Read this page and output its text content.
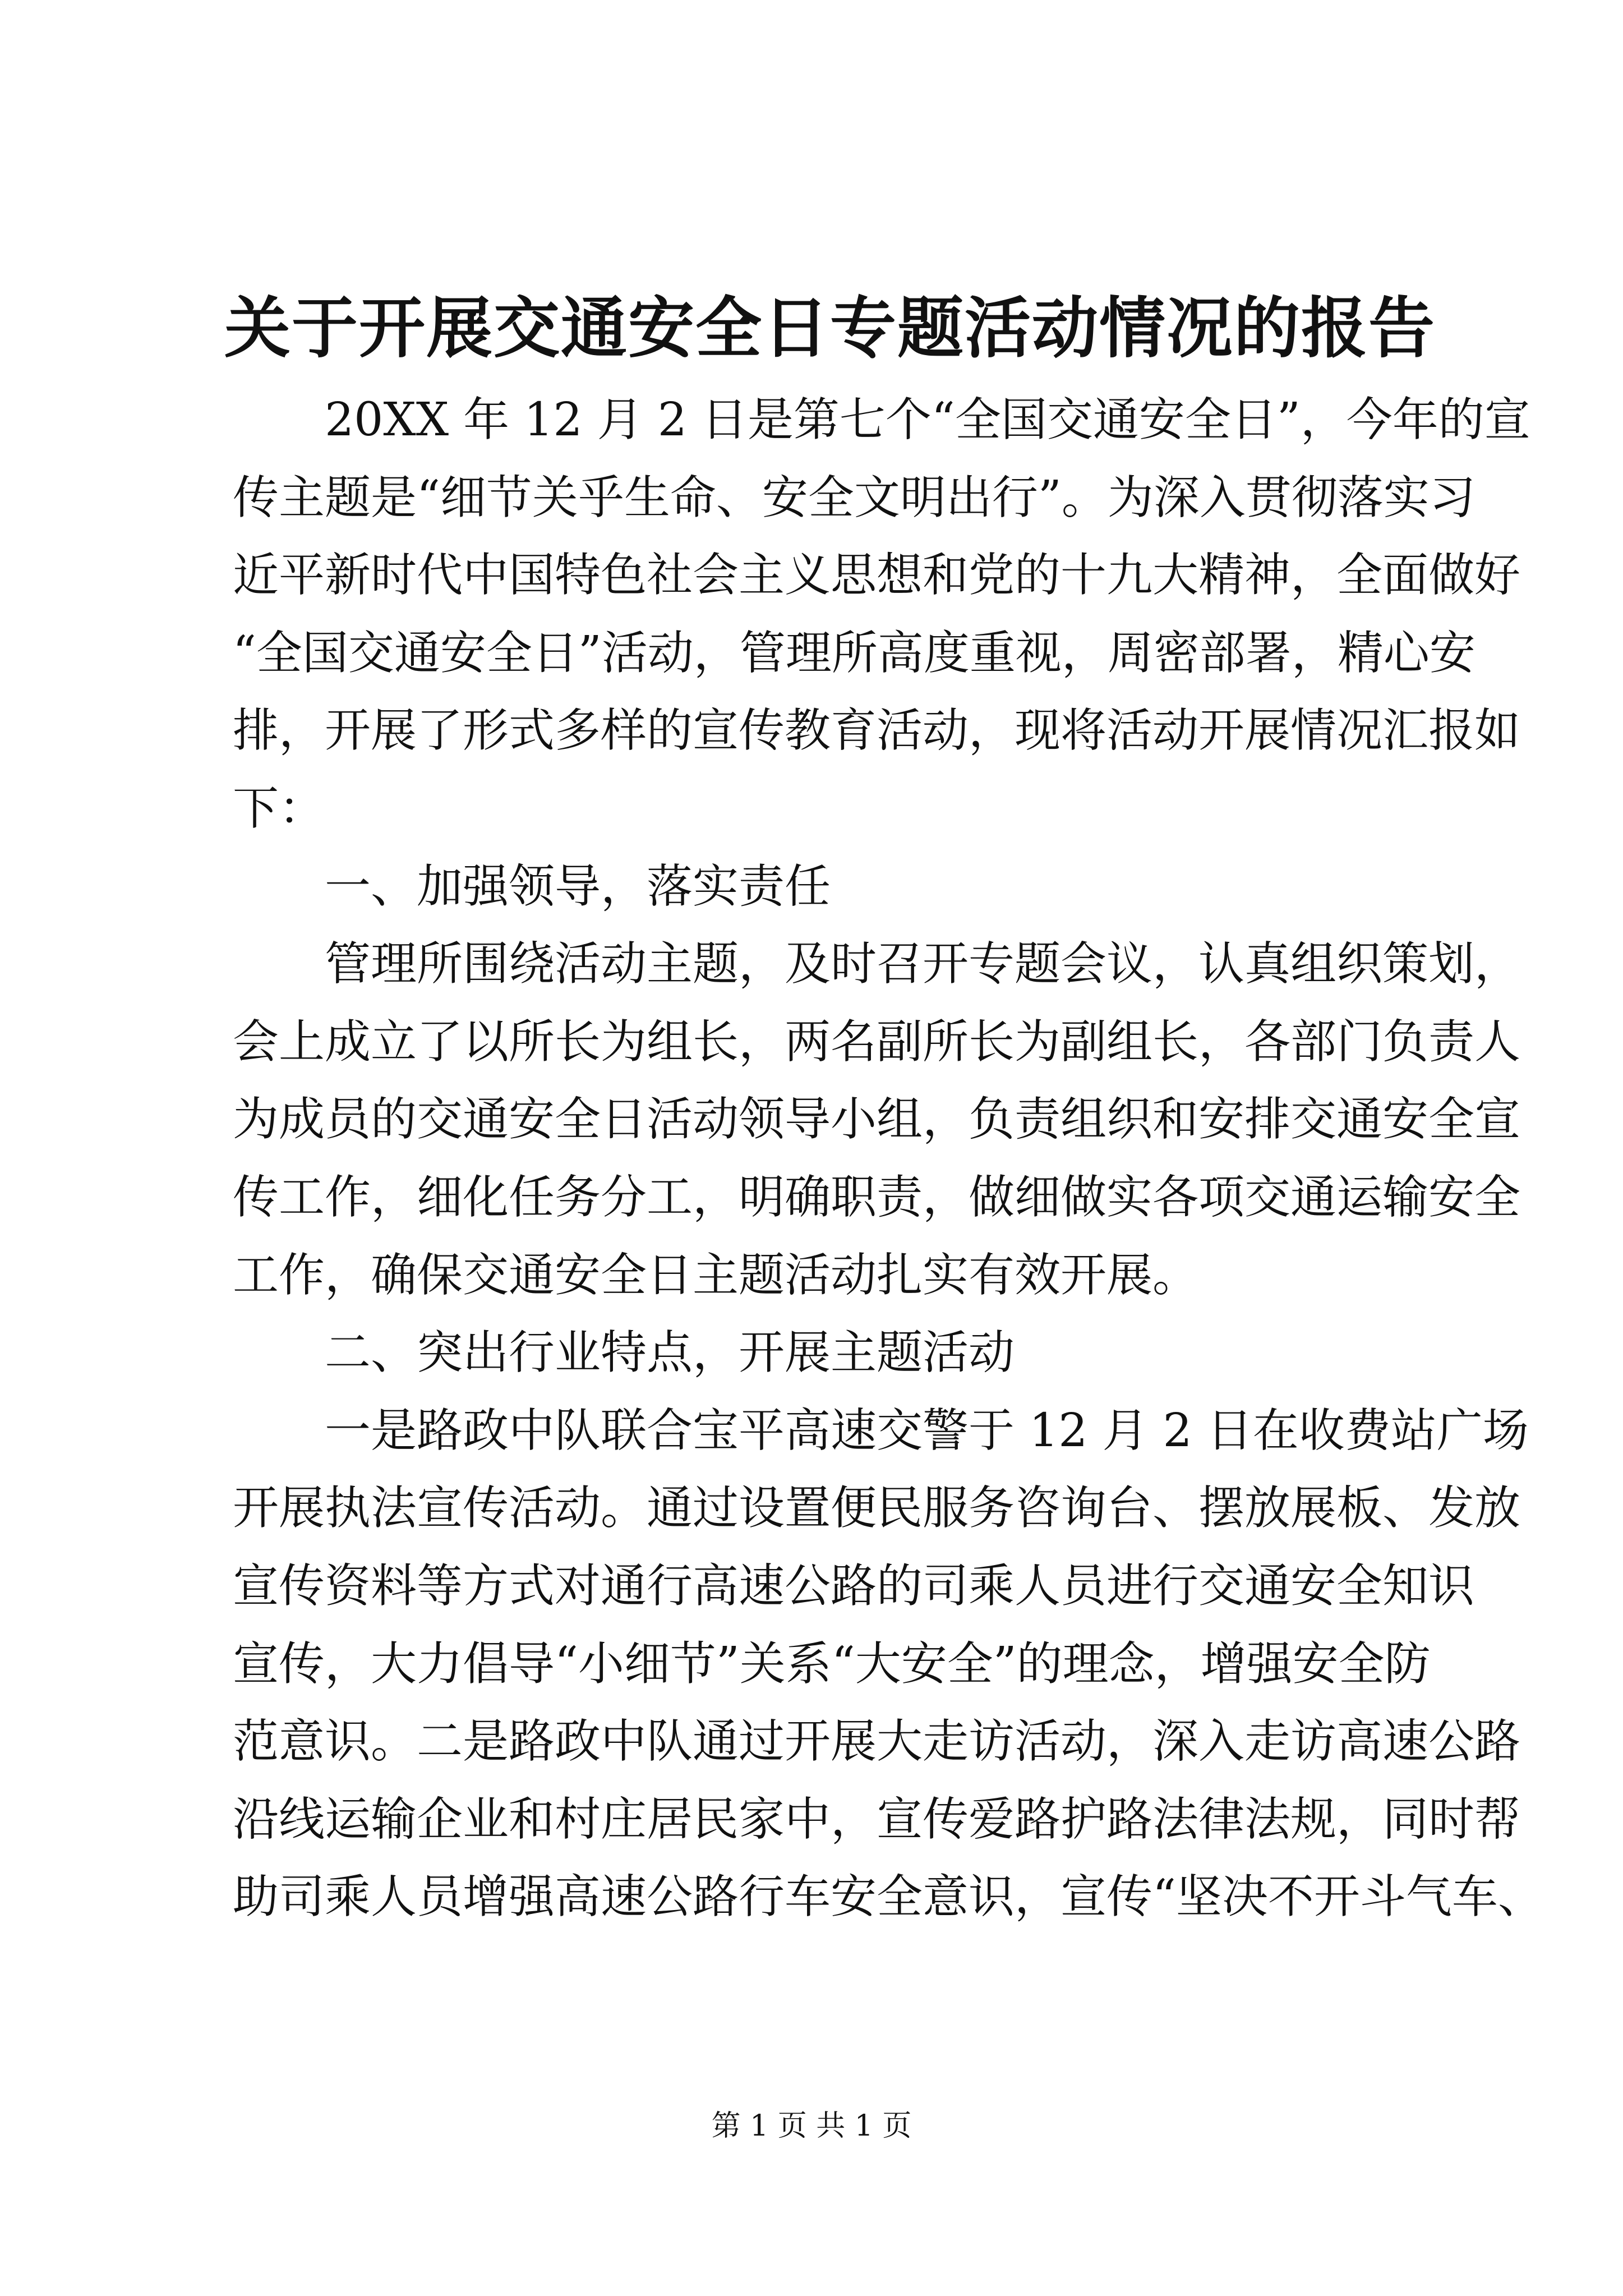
关于开展交通安全日专题活动情况的报告
20XX 年 12 月 2 日是第七个“全国交通安全日”，今年的宣
传主题是“细节关乎生命、安全文明出行”。为深入贯彻落实习
近平新时代中国特色社会主义思想和党的十九大精神，全面做好
“全国交通安全日”活动，管理所高度重视，周密部署，精心安
排，开展了形式多样的宣传教育活动，现将活动开展情况汇报如
下：
一、加强领导，落实责任
管理所围绕活动主题，及时召开专题会议，认真组织策划，
会上成立了以所长为组长，两名副所长为副组长，各部门负责人
为成员的交通安全日活动领导小组，负责组织和安排交通安全宣
传工作，细化任务分工，明确职责，做细做实各项交通运输安全
工作，确保交通安全日主题活动扎实有效开展。
二、突出行业特点，开展主题活动
一是路政中队联合宝平高速交警于 12 月 2 日在收费站广场
开展执法宣传活动。通过设置便民服务咨询台、摆放展板、发放
宣传资料等方式对通行高速公路的司乘人员进行交通安全知识
宣传，大力倡导“小细节”关系“大安全”的理念，增强安全防
范意识。二是路政中队通过开展大走访活动，深入走访高速公路
沿线运输企业和村庄居民家中，宣传爱路护路法律法规，同时帮
助司乘人员增强高速公路行车安全意识，宣传“坚决不开斗气车、
第 1 页 共 1 页
